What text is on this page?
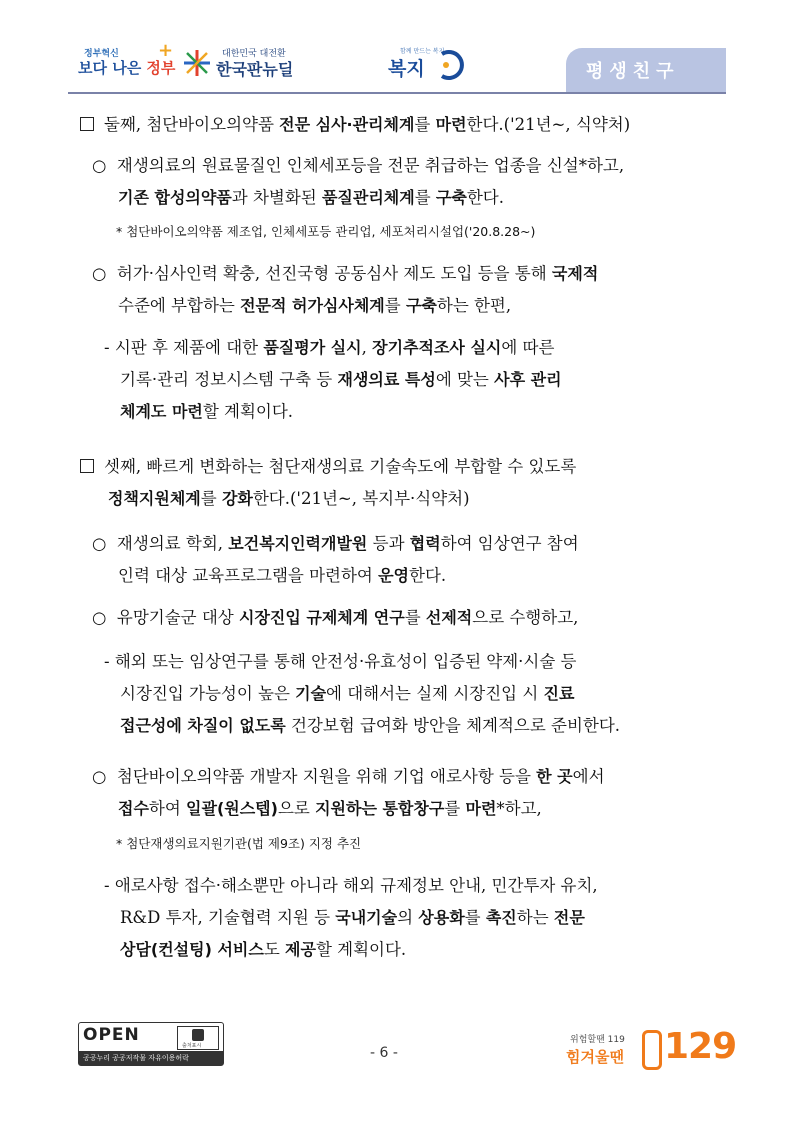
정부혁신
보다 나은 정부
+	대한민국 대전환
한국판뉴딜
함께 만드는 복지
복지	평생친구
둘째, 첨단바이오의약품 전문 심사·관리체계를 마련한다.('21년~, 식약처)
○ 재생의료의 원료물질인 인체세포등을 전문 취급하는 업종을 신설*하고,
기존 합성의약품과 차별화된 품질관리체계를 구축한다.
* 첨단바이오의약품 제조업, 인체세포등 관리업, 세포처리시설업('20.8.28~)
○ 허가·심사인력 확충, 선진국형 공동심사 제도 도입 등을 통해 국제적
수준에 부합하는 전문적 허가심사체계를 구축하는 한편,
- 시판 후 제품에 대한 품질평가 실시, 장기추적조사 실시에 따른
기록·관리 정보시스템 구축 등 재생의료 특성에 맞는 사후 관리
체계도 마련할 계획이다.
셋째, 빠르게 변화하는 첨단재생의료 기술속도에 부합할 수 있도록
정책지원체계를 강화한다.('21년~, 복지부·식약처)
○ 재생의료 학회, 보건복지인력개발원 등과 협력하여 임상연구 참여
인력 대상 교육프로그램을 마련하여 운영한다.
○ 유망기술군 대상 시장진입 규제체계 연구를 선제적으로 수행하고,
- 해외 또는 임상연구를 통해 안전성·유효성이 입증된 약제·시술 등
시장진입 가능성이 높은 기술에 대해서는 실제 시장진입 시 진료
접근성에 차질이 없도록 건강보험 급여화 방안을 체계적으로 준비한다.
○ 첨단바이오의약품 개발자 지원을 위해 기업 애로사항 등을 한 곳에서
접수하여 일괄(원스텝)으로 지원하는 통합창구를 마련*하고,
* 첨단재생의료지원기관(법 제9조) 지정 추진
- 애로사항 접수·해소뿐만 아니라 해외 규제정보 안내, 민간투자 유치,
R&D 투자, 기술협력 지원 등 국내기술의 상용화를 촉진하는 전문
상담(컨설팅) 서비스도 제공할 계획이다.
OPEN
출처표시
공공누리 공공저작물 자유이용허락	- 6 -
위험할땐 119
힘겨울땐 129
